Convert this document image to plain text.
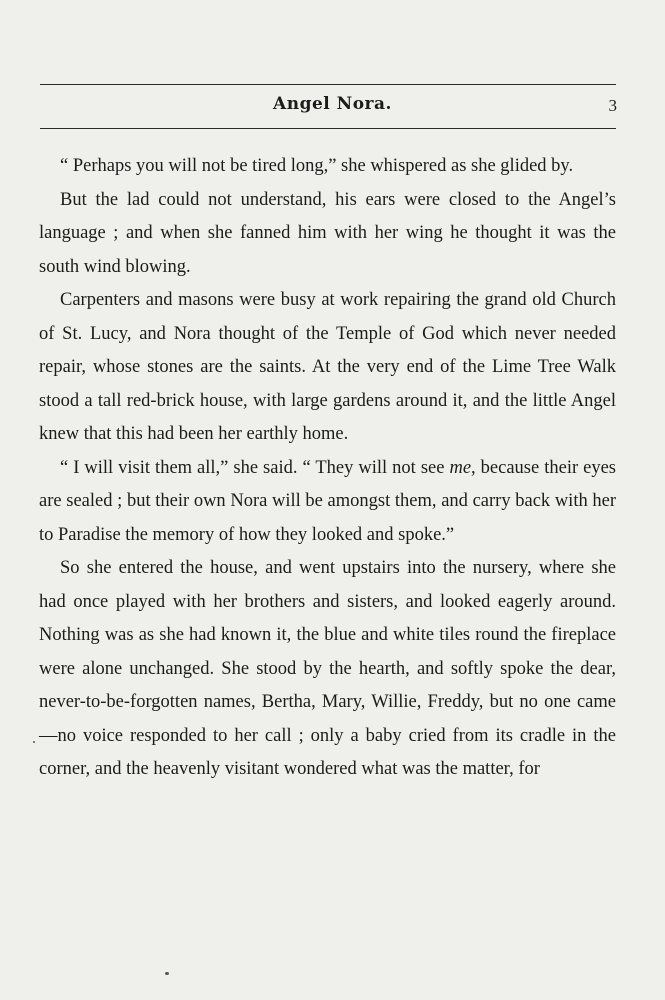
Angel Nora.	3

“ Perhaps you will not be tired long,” she whispered as she glided by.

But the lad could not understand, his ears were closed to the Angel’s language ; and when she fanned him with her wing he thought it was the south wind blowing.

Carpenters and masons were busy at work repairing the grand old Church of St. Lucy, and Nora thought of the Temple of God which never needed repair, whose stones are the saints. At the very end of the Lime Tree Walk stood a tall red-brick house, with large gardens around it, and the little Angel knew that this had been her earthly home.

“ I will visit them all,” she said. “ They will not see me, because their eyes are sealed ; but their own Nora will be amongst them, and carry back with her to Paradise the memory of how they looked and spoke.”

So she entered the house, and went upstairs into the nursery, where she had once played with her brothers and sisters, and looked eagerly around. Nothing was as she had known it, the blue and white tiles round the fireplace were alone unchanged. She stood by the hearth, and softly spoke the dear, never-to-be-forgotten names, Bertha, Mary, Willie, Freddy, but no one came—no voice responded to her call ; only a baby cried from its cradle in the corner, and the heavenly visitant wondered what was the matter, for
